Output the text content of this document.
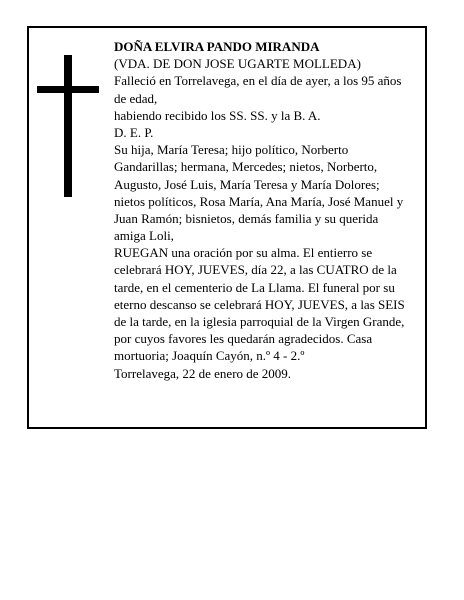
DOÑA ELVIRA PANDO MIRANDA
(VDA. DE DON JOSE UGARTE MOLLEDA)
Falleció en Torrelavega, en el día de ayer, a los 95 años
de edad,
habiendo recibido los SS. SS. y la B. A.
D. E. P.
Su hija, María Teresa; hijo político, Norberto
Gandarillas; hermana, Mercedes; nietos, Norberto,
Augusto, José Luis, María Teresa y María Dolores;
nietos políticos, Rosa María, Ana María, José Manuel y
Juan Ramón; bisnietos, demás familia y su querida
amiga Loli,
RUEGAN una oración por su alma. El entierro se
celebrará HOY, JUEVES, día 22, a las CUATRO de la
tarde, en el cementerio de La Llama. El funeral por su
eterno descanso se celebrará HOY, JUEVES, a las SEIS
de la tarde, en la iglesia parroquial de la Virgen Grande,
por cuyos favores les quedarán agradecidos. Casa
mortuoria; Joaquín Cayón, n.º 4 - 2.º
Torrelavega, 22 de enero de 2009.
